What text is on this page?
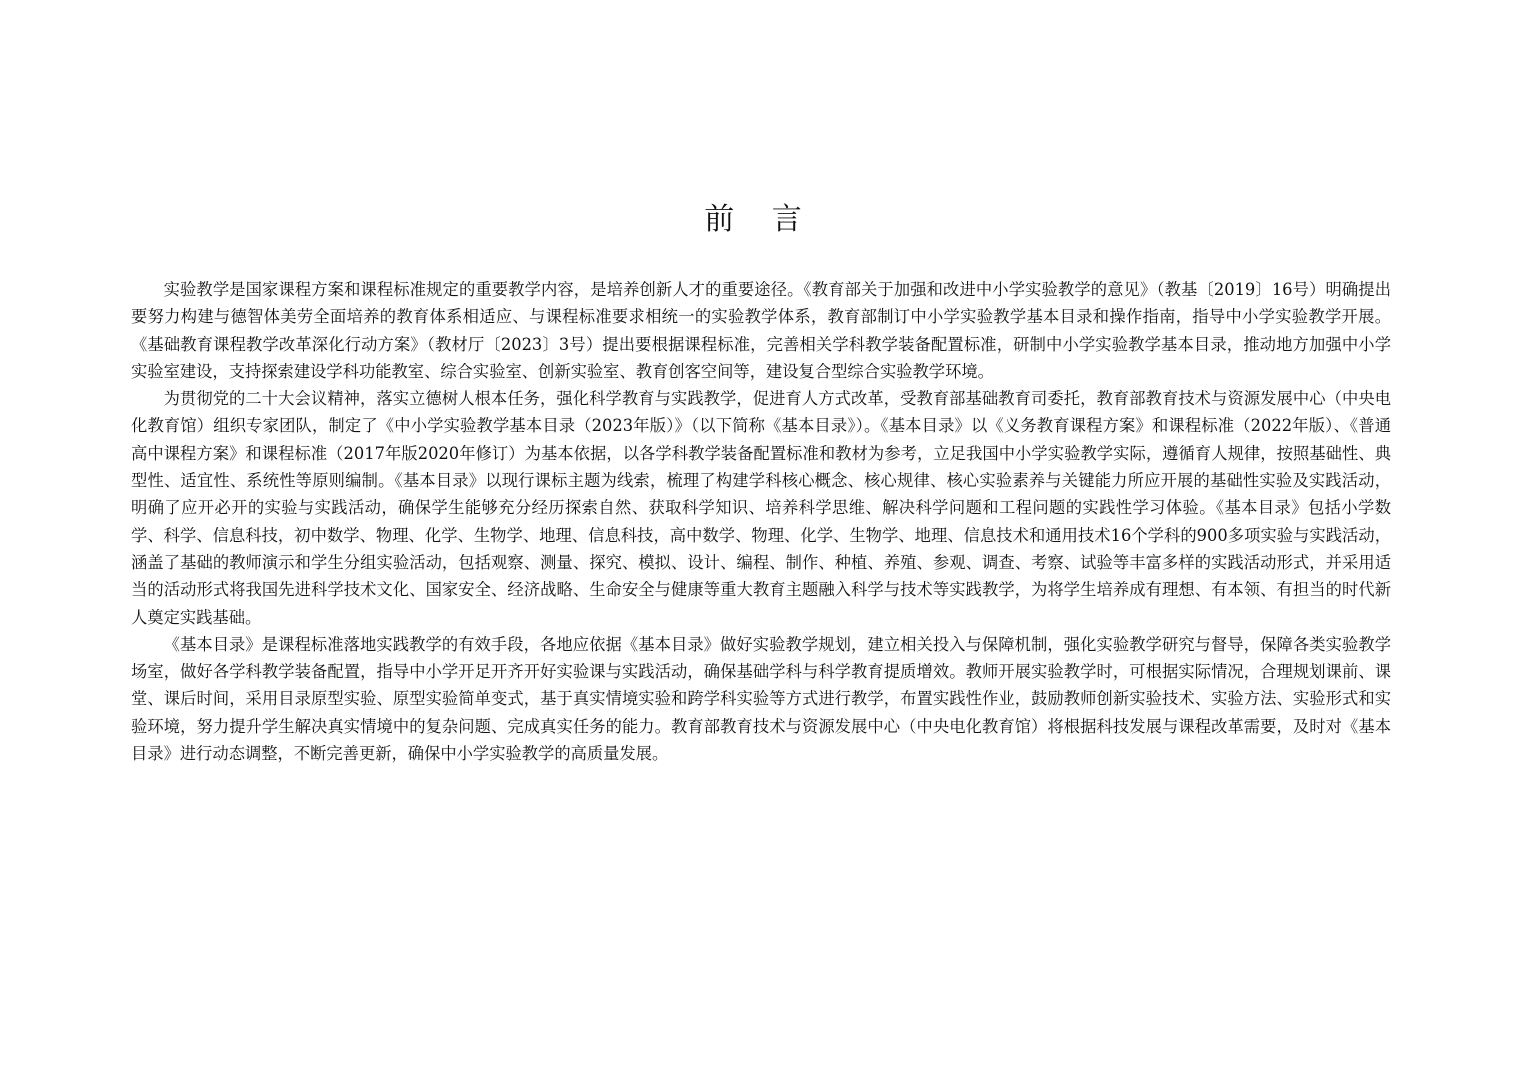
前 言

实验教学是国家课程方案和课程标准规定的重要教学内容，是培养创新人才的重要途径。《教育部关于加强和改进中小学实验教学的意见》（教基〔2019〕16号）明确提出要努力构建与德智体美劳全面培养的教育体系相适应、与课程标准要求相统一的实验教学体系，教育部制订中小学实验教学基本目录和操作指南，指导中小学实验教学开展。《基础教育课程教学改革深化行动方案》（教材厅〔2023〕3号）提出要根据课程标准，完善相关学科教学装备配置标准，研制中小学实验教学基本目录，推动地方加强中小学实验室建设，支持探索建设学科功能教室、综合实验室、创新实验室、教育创客空间等，建设复合型综合实验教学环境。

为贯彻党的二十大会议精神，落实立德树人根本任务，强化科学教育与实践教学，促进育人方式改革，受教育部基础教育司委托，教育部教育技术与资源发展中心（中央电化教育馆）组织专家团队，制定了《中小学实验教学基本目录（2023年版）》（以下简称《基本目录》）。《基本目录》以《义务教育课程方案》和课程标准（2022年版）、《普通高中课程方案》和课程标准（2017年版2020年修订）为基本依据，以各学科教学装备配置标准和教材为参考，立足我国中小学实验教学实际，遵循育人规律，按照基础性、典型性、适宜性、系统性等原则编制。《基本目录》以现行课标主题为线索，梳理了构建学科核心概念、核心规律、核心实验素养与关键能力所应开展的基础性实验及实践活动，明确了应开必开的实验与实践活动，确保学生能够充分经历探索自然、获取科学知识、培养科学思维、解决科学问题和工程问题的实践性学习体验。《基本目录》包括小学数学、科学、信息科技，初中数学、物理、化学、生物学、地理、信息科技，高中数学、物理、化学、生物学、地理、信息技术和通用技术16个学科的900多项实验与实践活动，涵盖了基础的教师演示和学生分组实验活动，包括观察、测量、探究、模拟、设计、编程、制作、种植、养殖、参观、调查、考察、试验等丰富多样的实践活动形式，并采用适当的活动形式将我国先进科学技术文化、国家安全、经济战略、生命安全与健康等重大教育主题融入科学与技术等实践教学，为将学生培养成有理想、有本领、有担当的时代新人奠定实践基础。

《基本目录》是课程标准落地实践教学的有效手段，各地应依据《基本目录》做好实验教学规划，建立相关投入与保障机制，强化实验教学研究与督导，保障各类实验教学场室，做好各学科教学装备配置，指导中小学开足开齐开好实验课与实践活动，确保基础学科与科学教育提质增效。教师开展实验教学时，可根据实际情况，合理规划课前、课堂、课后时间，采用目录原型实验、原型实验简单变式，基于真实情境实验和跨学科实验等方式进行教学，布置实践性作业，鼓励教师创新实验技术、实验方法、实验形式和实验环境，努力提升学生解决真实情境中的复杂问题、完成真实任务的能力。教育部教育技术与资源发展中心（中央电化教育馆）将根据科技发展与课程改革需要，及时对《基本目录》进行动态调整，不断完善更新，确保中小学实验教学的高质量发展。
